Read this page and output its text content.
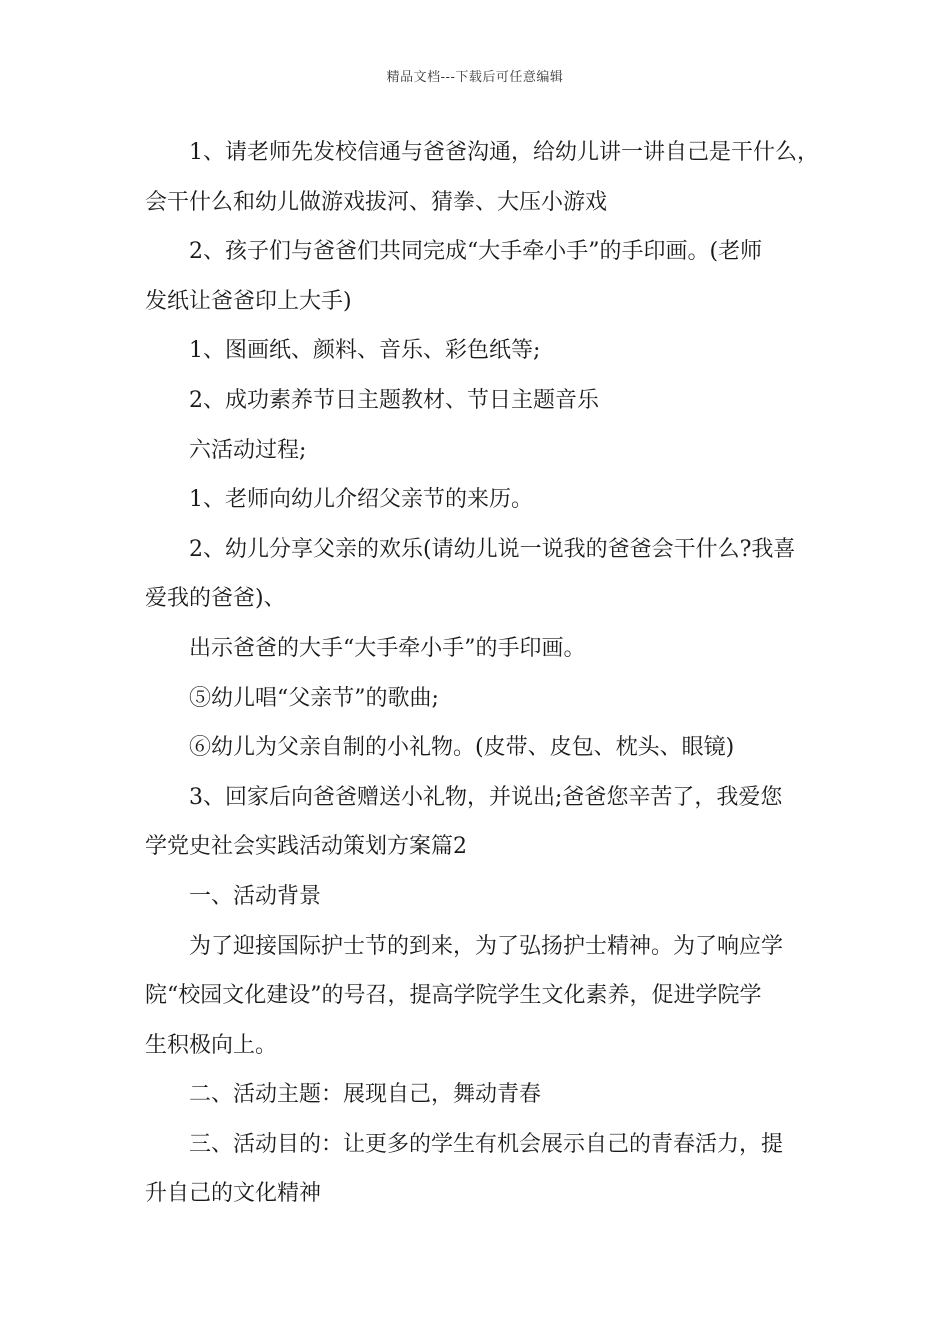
精品文档---下载后可任意编辑

1、请老师先发校信通与爸爸沟通，给幼儿讲一讲自己是干什么，

会干什么和幼儿做游戏拔河、猜拳、大压小游戏

2、孩子们与爸爸们共同完成“大手牵小手”的手印画。(老师

发纸让爸爸印上大手)

1、图画纸、颜料、音乐、彩色纸等;

2、成功素养节日主题教材、节日主题音乐

六活动过程;

1、老师向幼儿介绍父亲节的来历。

2、幼儿分享父亲的欢乐(请幼儿说一说我的爸爸会干什么?我喜

爱我的爸爸)、

出示爸爸的大手“大手牵小手”的手印画。

⑤幼儿唱“父亲节”的歌曲;

⑥幼儿为父亲自制的小礼物。(皮带、皮包、枕头、眼镜)

3、回家后向爸爸赠送小礼物，并说出;爸爸您辛苦了，我爱您

学党史社会实践活动策划方案篇2

一、活动背景

为了迎接国际护士节的到来，为了弘扬护士精神。为了响应学

院“校园文化建设”的号召，提高学院学生文化素养，促进学院学

生积极向上。

二、活动主题：展现自己，舞动青春

三、活动目的：让更多的学生有机会展示自己的青春活力，提

升自己的文化精神
